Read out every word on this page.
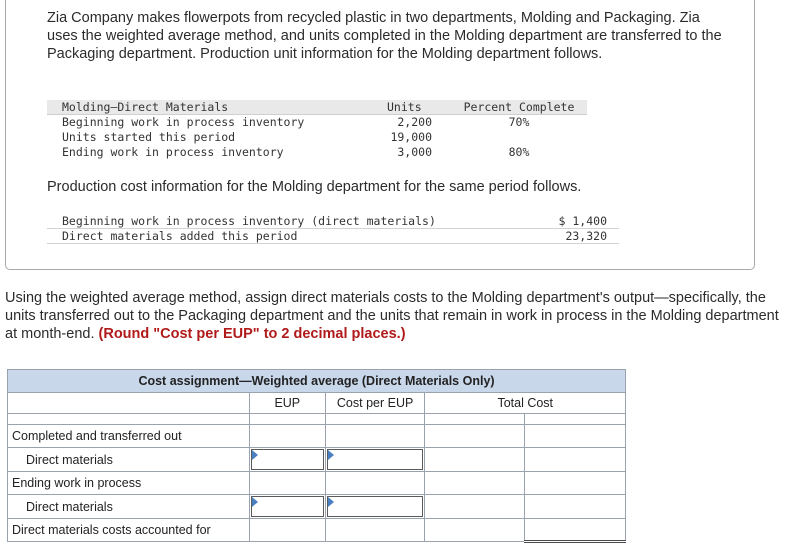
Zia Company makes flowerpots from recycled plastic in two departments, Molding and Packaging. Zia uses the weighted average method, and units completed in the Molding department are transferred to the Packaging department. Production unit information for the Molding department follows.

Molding—Direct Materials	Units	Percent Complete
Beginning work in process inventory	2,200	70%
Units started this period	19,000
Ending work in process inventory	3,000	80%

Production cost information for the Molding department for the same period follows.

Beginning work in process inventory (direct materials)	$ 1,400
Direct materials added this period	23,320

Using the weighted average method, assign direct materials costs to the Molding department's output—specifically, the units transferred out to the Packaging department and the units that remain in work in process in the Molding department at month-end. (Round "Cost per EUP" to 2 decimal places.)

Cost assignment—Weighted average (Direct Materials Only)				
	EUP	Cost per EUP	Total Cost	

Completed and transferred out				
Direct materials	

Ending work in process				
Direct materials	

Direct materials costs accounted for				
